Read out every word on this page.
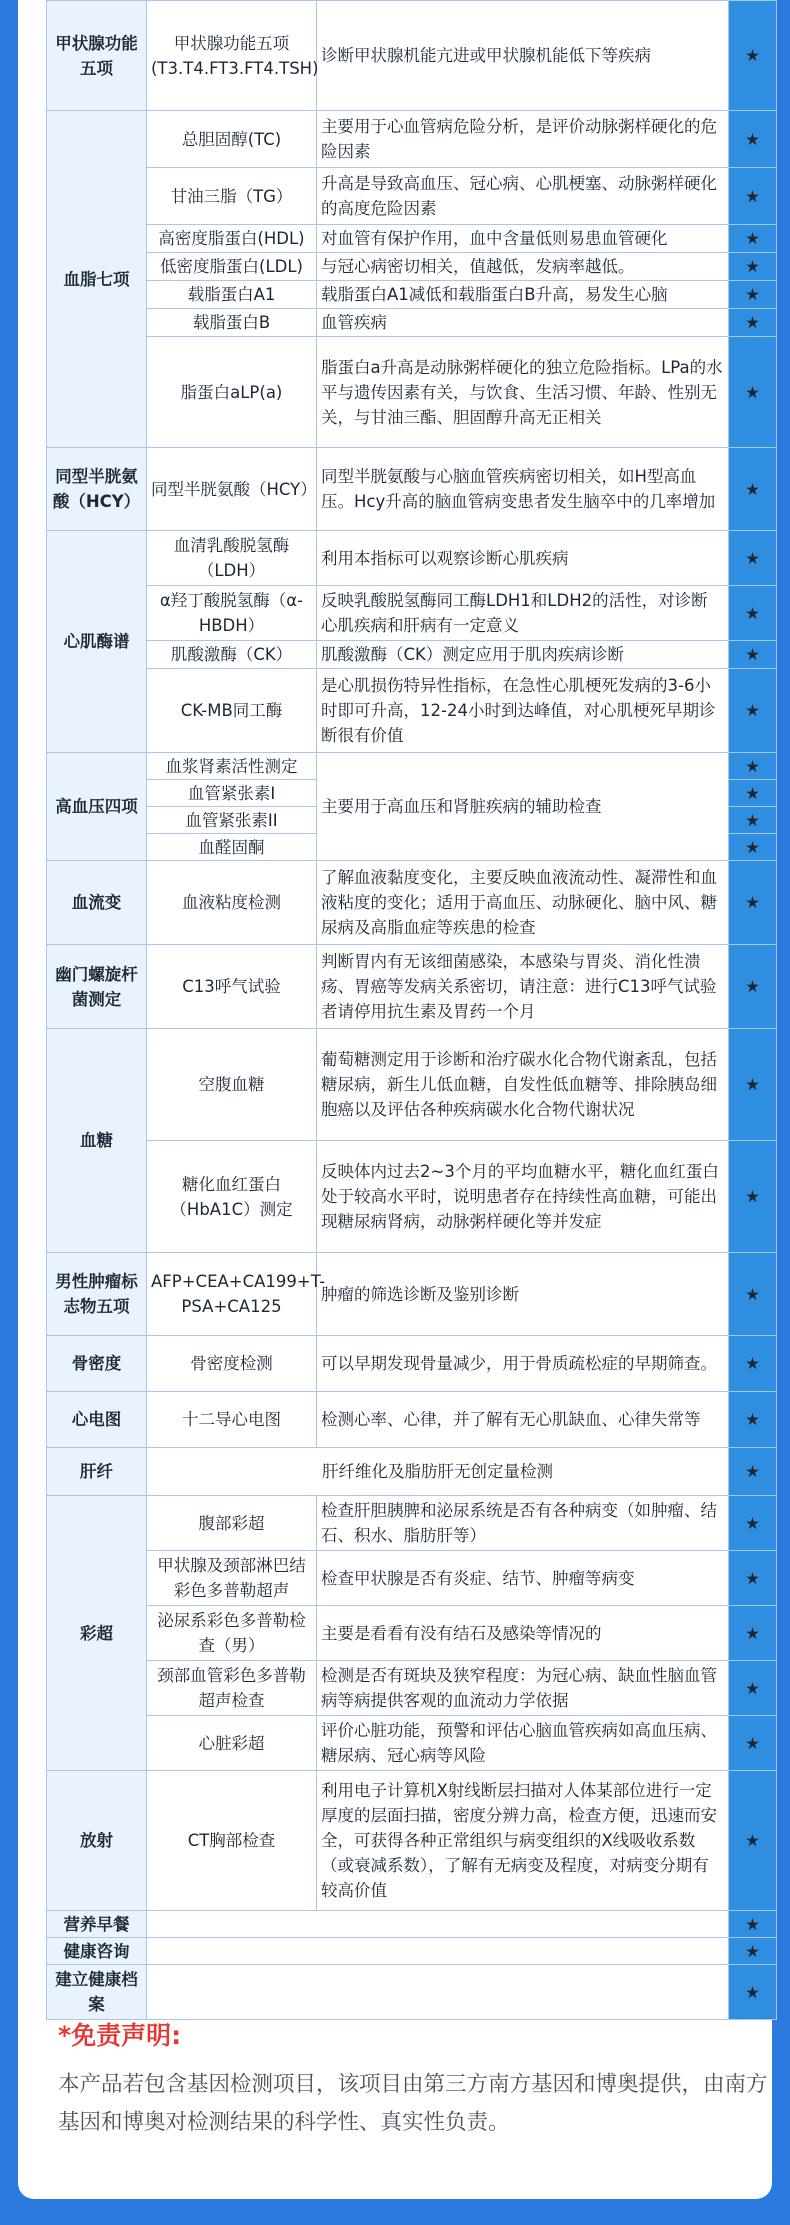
甲状腺功能五项	甲状腺功能五项(T3.T4.FT3.FT4.TSH)	诊断甲状腺机能亢进或甲状腺机能低下等疾病	★
血脂七项	总胆固醇(TC)	主要用于心血管病危险分析，是评价动脉粥样硬化的危险因素	★
	甘油三脂（TG）	升高是导致高血压、冠心病、心肌梗塞、动脉粥样硬化的高度危险因素	★
	高密度脂蛋白(HDL)	对血管有保护作用，血中含量低则易患血管硬化	★
	低密度脂蛋白(LDL)	与冠心病密切相关，值越低，发病率越低。	★
	载脂蛋白A1	载脂蛋白A1减低和载脂蛋白B升高，易发生心脑	★
	载脂蛋白B	血管疾病	★
	脂蛋白aLP(a)	脂蛋白a升高是动脉粥样硬化的独立危险指标。LPa的水平与遗传因素有关，与饮食、生活习惯、年龄、性别无关，与甘油三酯、胆固醇升高无正相关	★
同型半胱氨酸（HCY）	同型半胱氨酸（HCY）	同型半胱氨酸与心脑血管疾病密切相关，如H型高血压。Hcy升高的脑血管病变患者发生脑卒中的几率增加	★
心肌酶谱	血清乳酸脱氢酶（LDH）	利用本指标可以观察诊断心肌疾病	★
	α羟丁酸脱氢酶（α-HBDH）	反映乳酸脱氢酶同工酶LDH1和LDH2的活性，对诊断心肌疾病和肝病有一定意义	★
	肌酸激酶（CK）	肌酸激酶（CK）测定应用于肌肉疾病诊断	★
	CK-MB同工酶	是心肌损伤特异性指标，在急性心肌梗死发病的3-6小时即可升高，12-24小时到达峰值，对心肌梗死早期诊断很有价值	★
高血压四项	血浆肾素活性测定	主要用于高血压和肾脏疾病的辅助检查	★
	血管紧张素I		★
	血管紧张素II		★
	血醛固酮		★
血流变	血液粘度检测	了解血液黏度变化，主要反映血液流动性、凝滞性和血液粘度的变化；适用于高血压、动脉硬化、脑中风、糖尿病及高脂血症等疾患的检查	★
幽门螺旋杆菌测定	C13呼气试验	判断胃内有无该细菌感染，本感染与胃炎、消化性溃疡、胃癌等发病关系密切，请注意：进行C13呼气试验者请停用抗生素及胃药一个月	★
血糖	空腹血糖	葡萄糖测定用于诊断和治疗碳水化合物代谢紊乱，包括糖尿病，新生儿低血糖，自发性低血糖等、排除胰岛细胞癌以及评估各种疾病碳水化合物代谢状况	★
	糖化血红蛋白（HbA1C）测定	反映体内过去2~3个月的平均血糖水平，糖化血红蛋白处于较高水平时，说明患者存在持续性高血糖，可能出现糖尿病肾病，动脉粥样硬化等并发症	★
男性肿瘤标志物五项	AFP+CEA+CA199+T-PSA+CA125	肿瘤的筛选诊断及鉴别诊断	★
骨密度	骨密度检测	可以早期发现骨量减少，用于骨质疏松症的早期筛查。	★
心电图	十二导心电图	检测心率、心律，并了解有无心肌缺血、心律失常等	★
肝纤	肝纤维化及脂肪肝无创定量检测		★
彩超	腹部彩超	检查肝胆胰脾和泌尿系统是否有各种病变（如肿瘤、结石、积水、脂肪肝等）	★
	甲状腺及颈部淋巴结彩色多普勒超声	检查甲状腺是否有炎症、结节、肿瘤等病变	★
	泌尿系彩色多普勒检查（男）	主要是看看有没有结石及感染等情况的	★
	颈部血管彩色多普勒超声检查	检测是否有斑块及狭窄程度：为冠心病、缺血性脑血管病等病提供客观的血流动力学依据	★
	心脏彩超	评价心脏功能，预警和评估心脑血管疾病如高血压病、糖尿病、冠心病等风险	★
放射	CT胸部检查	利用电子计算机X射线断层扫描对人体某部位进行一定厚度的层面扫描，密度分辨力高，检查方便，迅速而安全，可获得各种正常组织与病变组织的X线吸收系数（或衰减系数），了解有无病变及程度，对病变分期有较高价值	★
营养早餐			★
健康咨询			★
建立健康档案			★
*免责声明:
本产品若包含基因检测项目，该项目由第三方南方基因和博奥提供，由南方基因和博奥对检测结果的科学性、真实性负责。
